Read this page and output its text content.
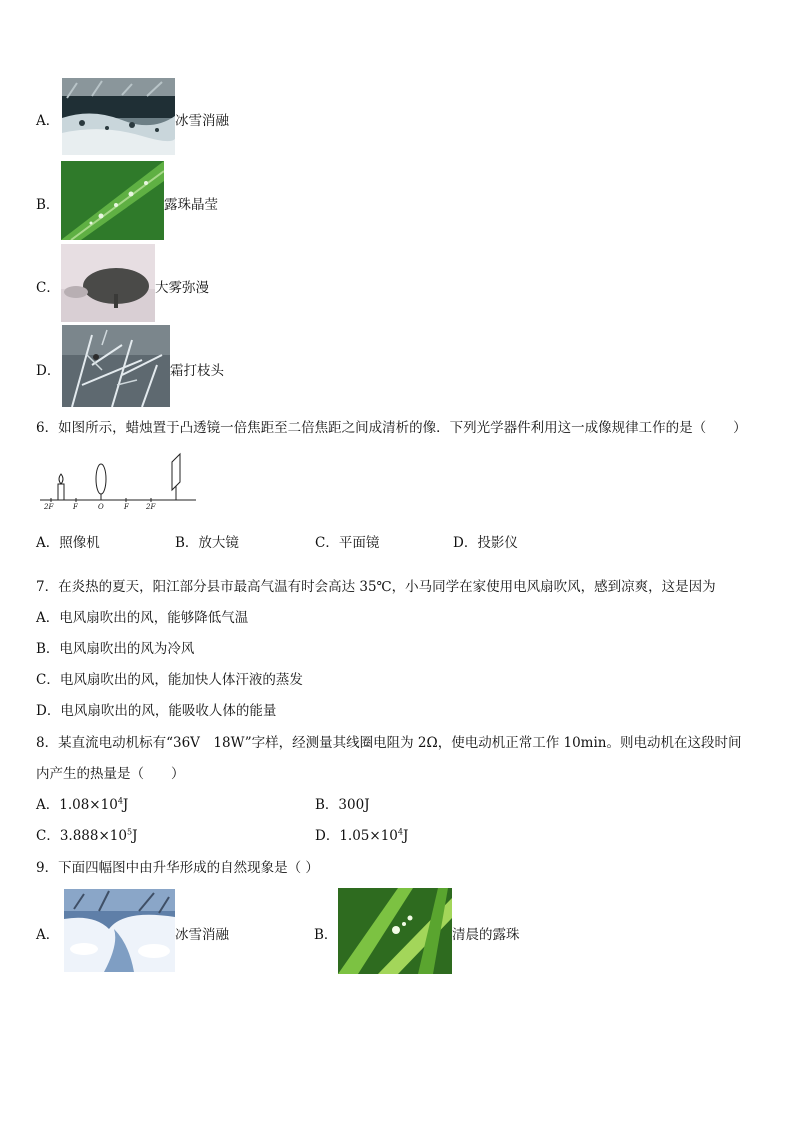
A．	冰雪消融
B．	露珠晶莹
C．	大雾弥漫
D．	霜打枝头
6．如图所示，蜡烛置于凸透镜一倍焦距至二倍焦距之间成清析的像．下列光学器件利用这一成像规律工作的是（　　）
2F	F	O	F 2F
A．照像机	B．放大镜	C．平面镜	D．投影仪
7．在炎热的夏天，阳江部分县市最高气温有时会高达 35℃，小马同学在家使用电风扇吹风，感到凉爽，这是因为
A．电风扇吹出的风，能够降低气温
B．电风扇吹出的风为冷风
C．电风扇吹出的风，能加快人体汗液的蒸发
D．电风扇吹出的风，能吸收人体的能量
8．某直流电动机标有“36V　18W”字样，经测量其线圈电阻为 2Ω，使电动机正常工作 10min。则电动机在这段时间
内产生的热量是（　　）
A．$1.08\times 10^4J$	B．300J
C．$3.888\times 10^5J$	D．$1.05\times 10^4J$
9．下面四幅图中由升华形成的自然现象是（ ）
A．	冰雪消融	B．	清晨的露珠
